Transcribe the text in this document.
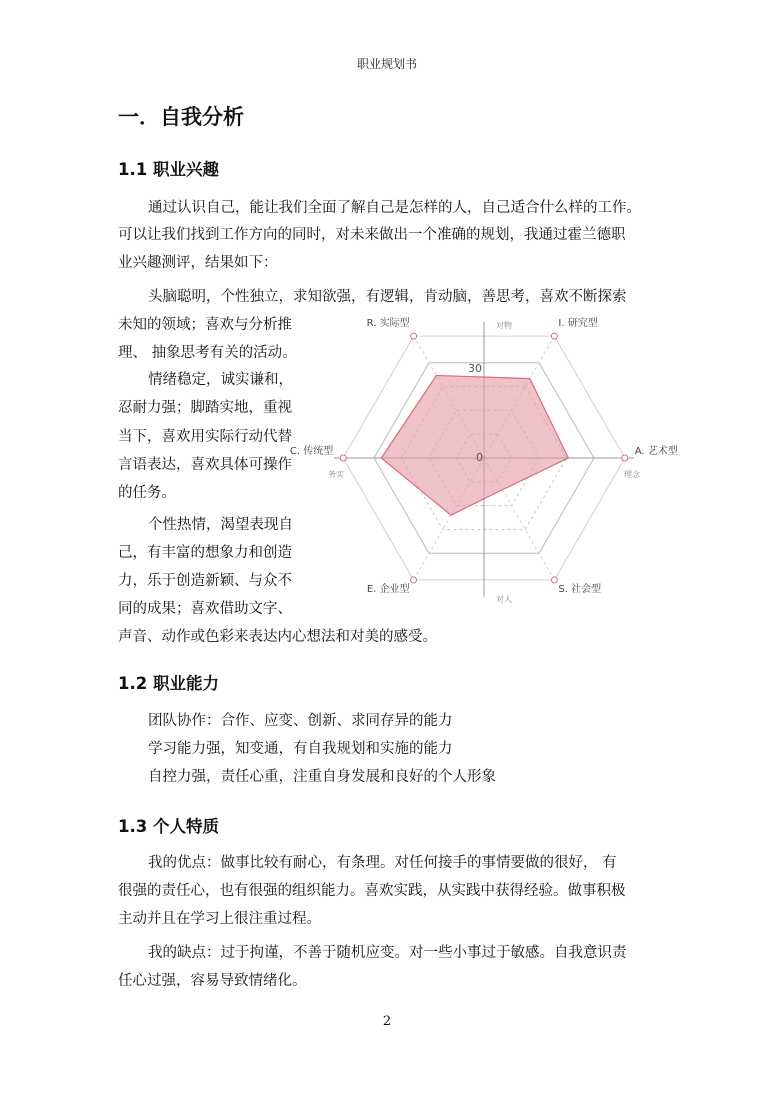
职业规划书
一．自我分析
1.1 职业兴趣

通过认识自己，能让我们全面了解自己是怎样的人，自己适合什么样的工作。

可以让我们找到工作方向的同时，对未来做出一个准确的规划，我通过霍兰德职

业兴趣测评，结果如下：

头脑聪明，个性独立，求知欲强，有逻辑，肯动脑，善思考，喜欢不断探索

未知的领域；喜欢与分析推

理、 抽象思考有关的活动。

情绪稳定，诚实谦和，

忍耐力强；脚踏实地，重视

当下，喜欢用实际行动代替

言语表达，喜欢具体可操作

的任务。

个性热情，渴望表现自

己，有丰富的想象力和创造

力，乐于创造新颖、与众不

同的成果；喜欢借助文字、

声音、动作或色彩来表达内心想法和对美的感受。

I. 研究型
A. 艺术型
S. 社会型
E. 企业型
C. 传统型
R. 实际型
30
0
对物
对人
务实	理念
1.2 职业能力

团队协作：合作、应变、创新、求同存异的能力

学习能力强，知变通，有自我规划和实施的能力

自控力强，责任心重，注重自身发展和良好的个人形象

1.3 个人特质

我的优点：做事比较有耐心，有条理。对任何接手的事情要做的很好， 有

很强的责任心，也有很强的组织能力。喜欢实践，从实践中获得经验。做事积极

主动并且在学习上很注重过程。

我的缺点：过于拘谨，不善于随机应变。对一些小事过于敏感。自我意识责

任心过强，容易导致情绪化。

2
